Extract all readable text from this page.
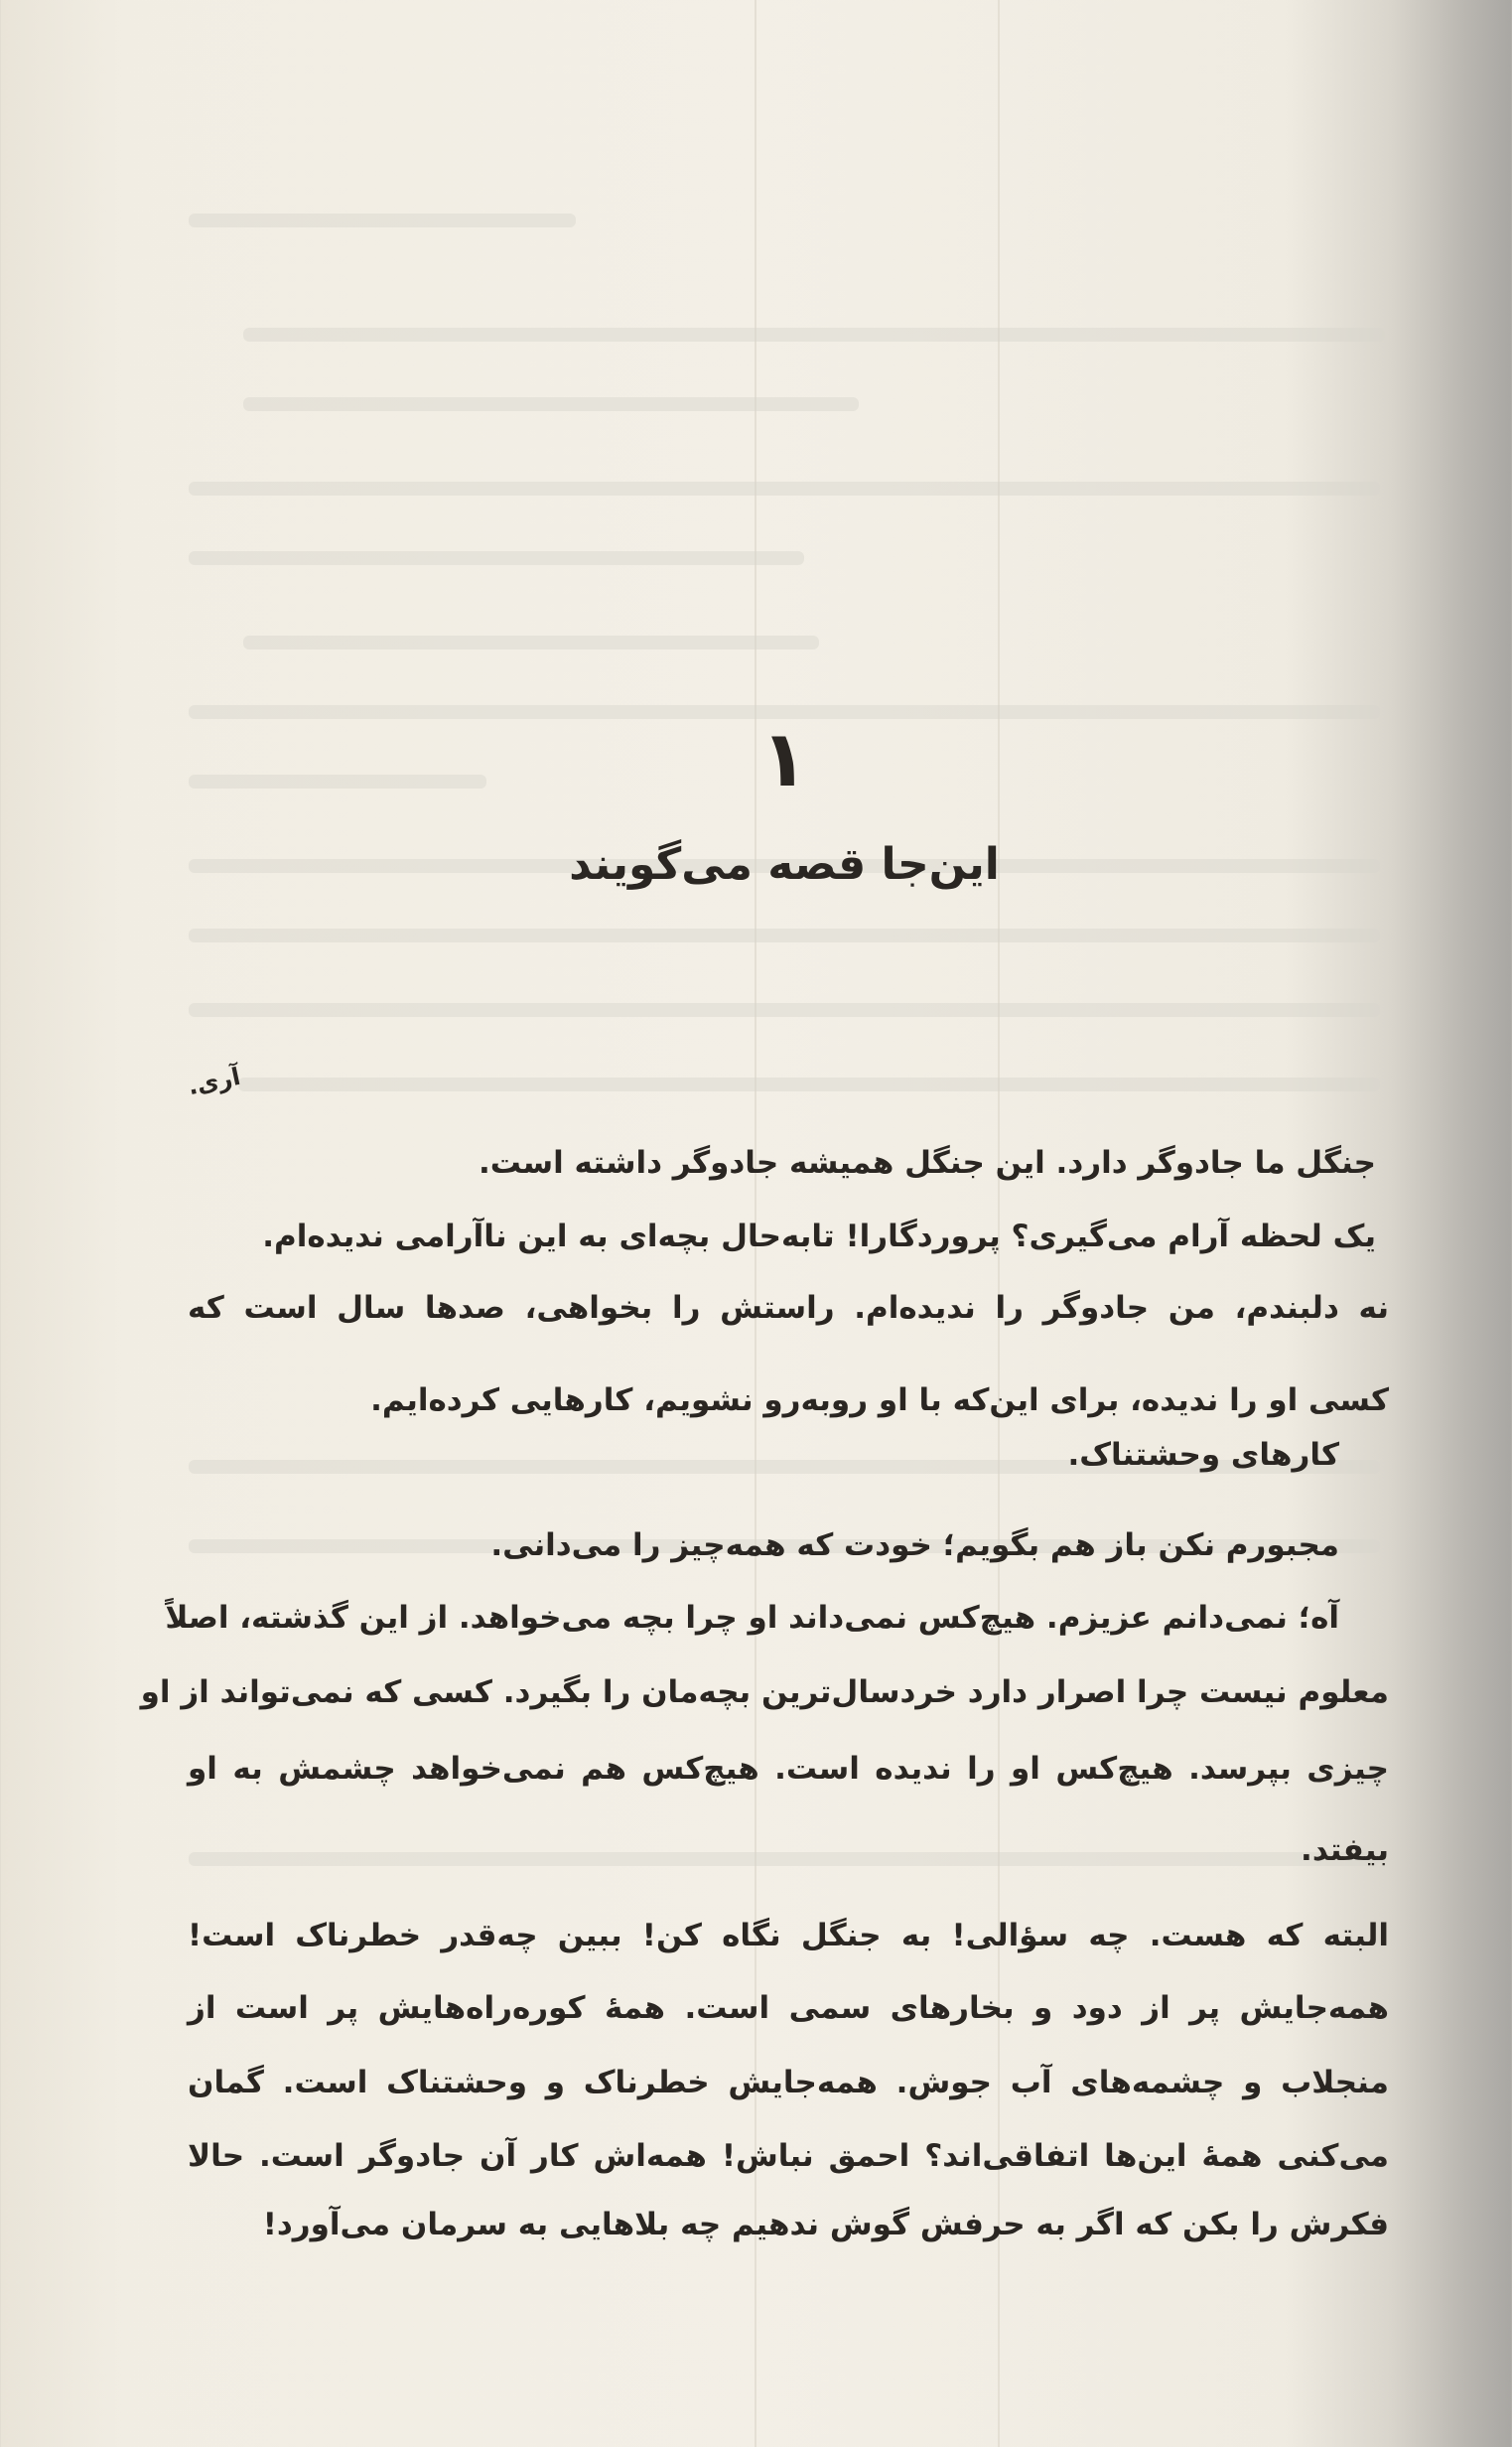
۱
این‌جا قصه می‌گویند
آری.
جنگل ما جادوگر دارد. این جنگل همیشه جادوگر داشته است.
یک لحظه آرام می‌گیری؟ پروردگارا! تابه‌حال بچه‌ای به این ناآرامی ندیده‌ام.
نه دلبندم، من جادوگر را ندیده‌ام. راستش را بخواهی، صدها سال است که
کسی او را ندیده، برای این‌که با او روبه‌رو نشویم، کارهایی کرده‌ایم.
کارهای وحشتناک.
مجبورم نکن باز هم بگویم؛ خودت که همه‌چیز را می‌دانی.
آه؛ نمی‌دانم عزیزم. هیچ‌کس نمی‌داند او چرا بچه می‌خواهد. از این گذشته، اصلاً
معلوم نیست چرا اصرار دارد خردسال‌ترین بچه‌مان را بگیرد. کسی که نمی‌تواند از او
چیزی بپرسد. هیچ‌کس او را ندیده است. هیچ‌کس هم نمی‌خواهد چشمش به او
بیفتد.
البته که هست. چه سؤالی! به جنگل نگاه کن! ببین چه‌قدر خطرناک است!
همه‌جایش پر از دود و بخارهای سمی است. همهٔ کوره‌راه‌هایش پر است از
منجلاب و چشمه‌های آب جوش. همه‌جایش خطرناک و وحشتناک است. گمان
می‌کنی همهٔ این‌ها اتفاقی‌اند؟ احمق نباش! همه‌اش کار آن جادوگر است. حالا
فکرش را بکن که اگر به حرفش گوش ندهیم چه بلاهایی به سرمان می‌آورد!
